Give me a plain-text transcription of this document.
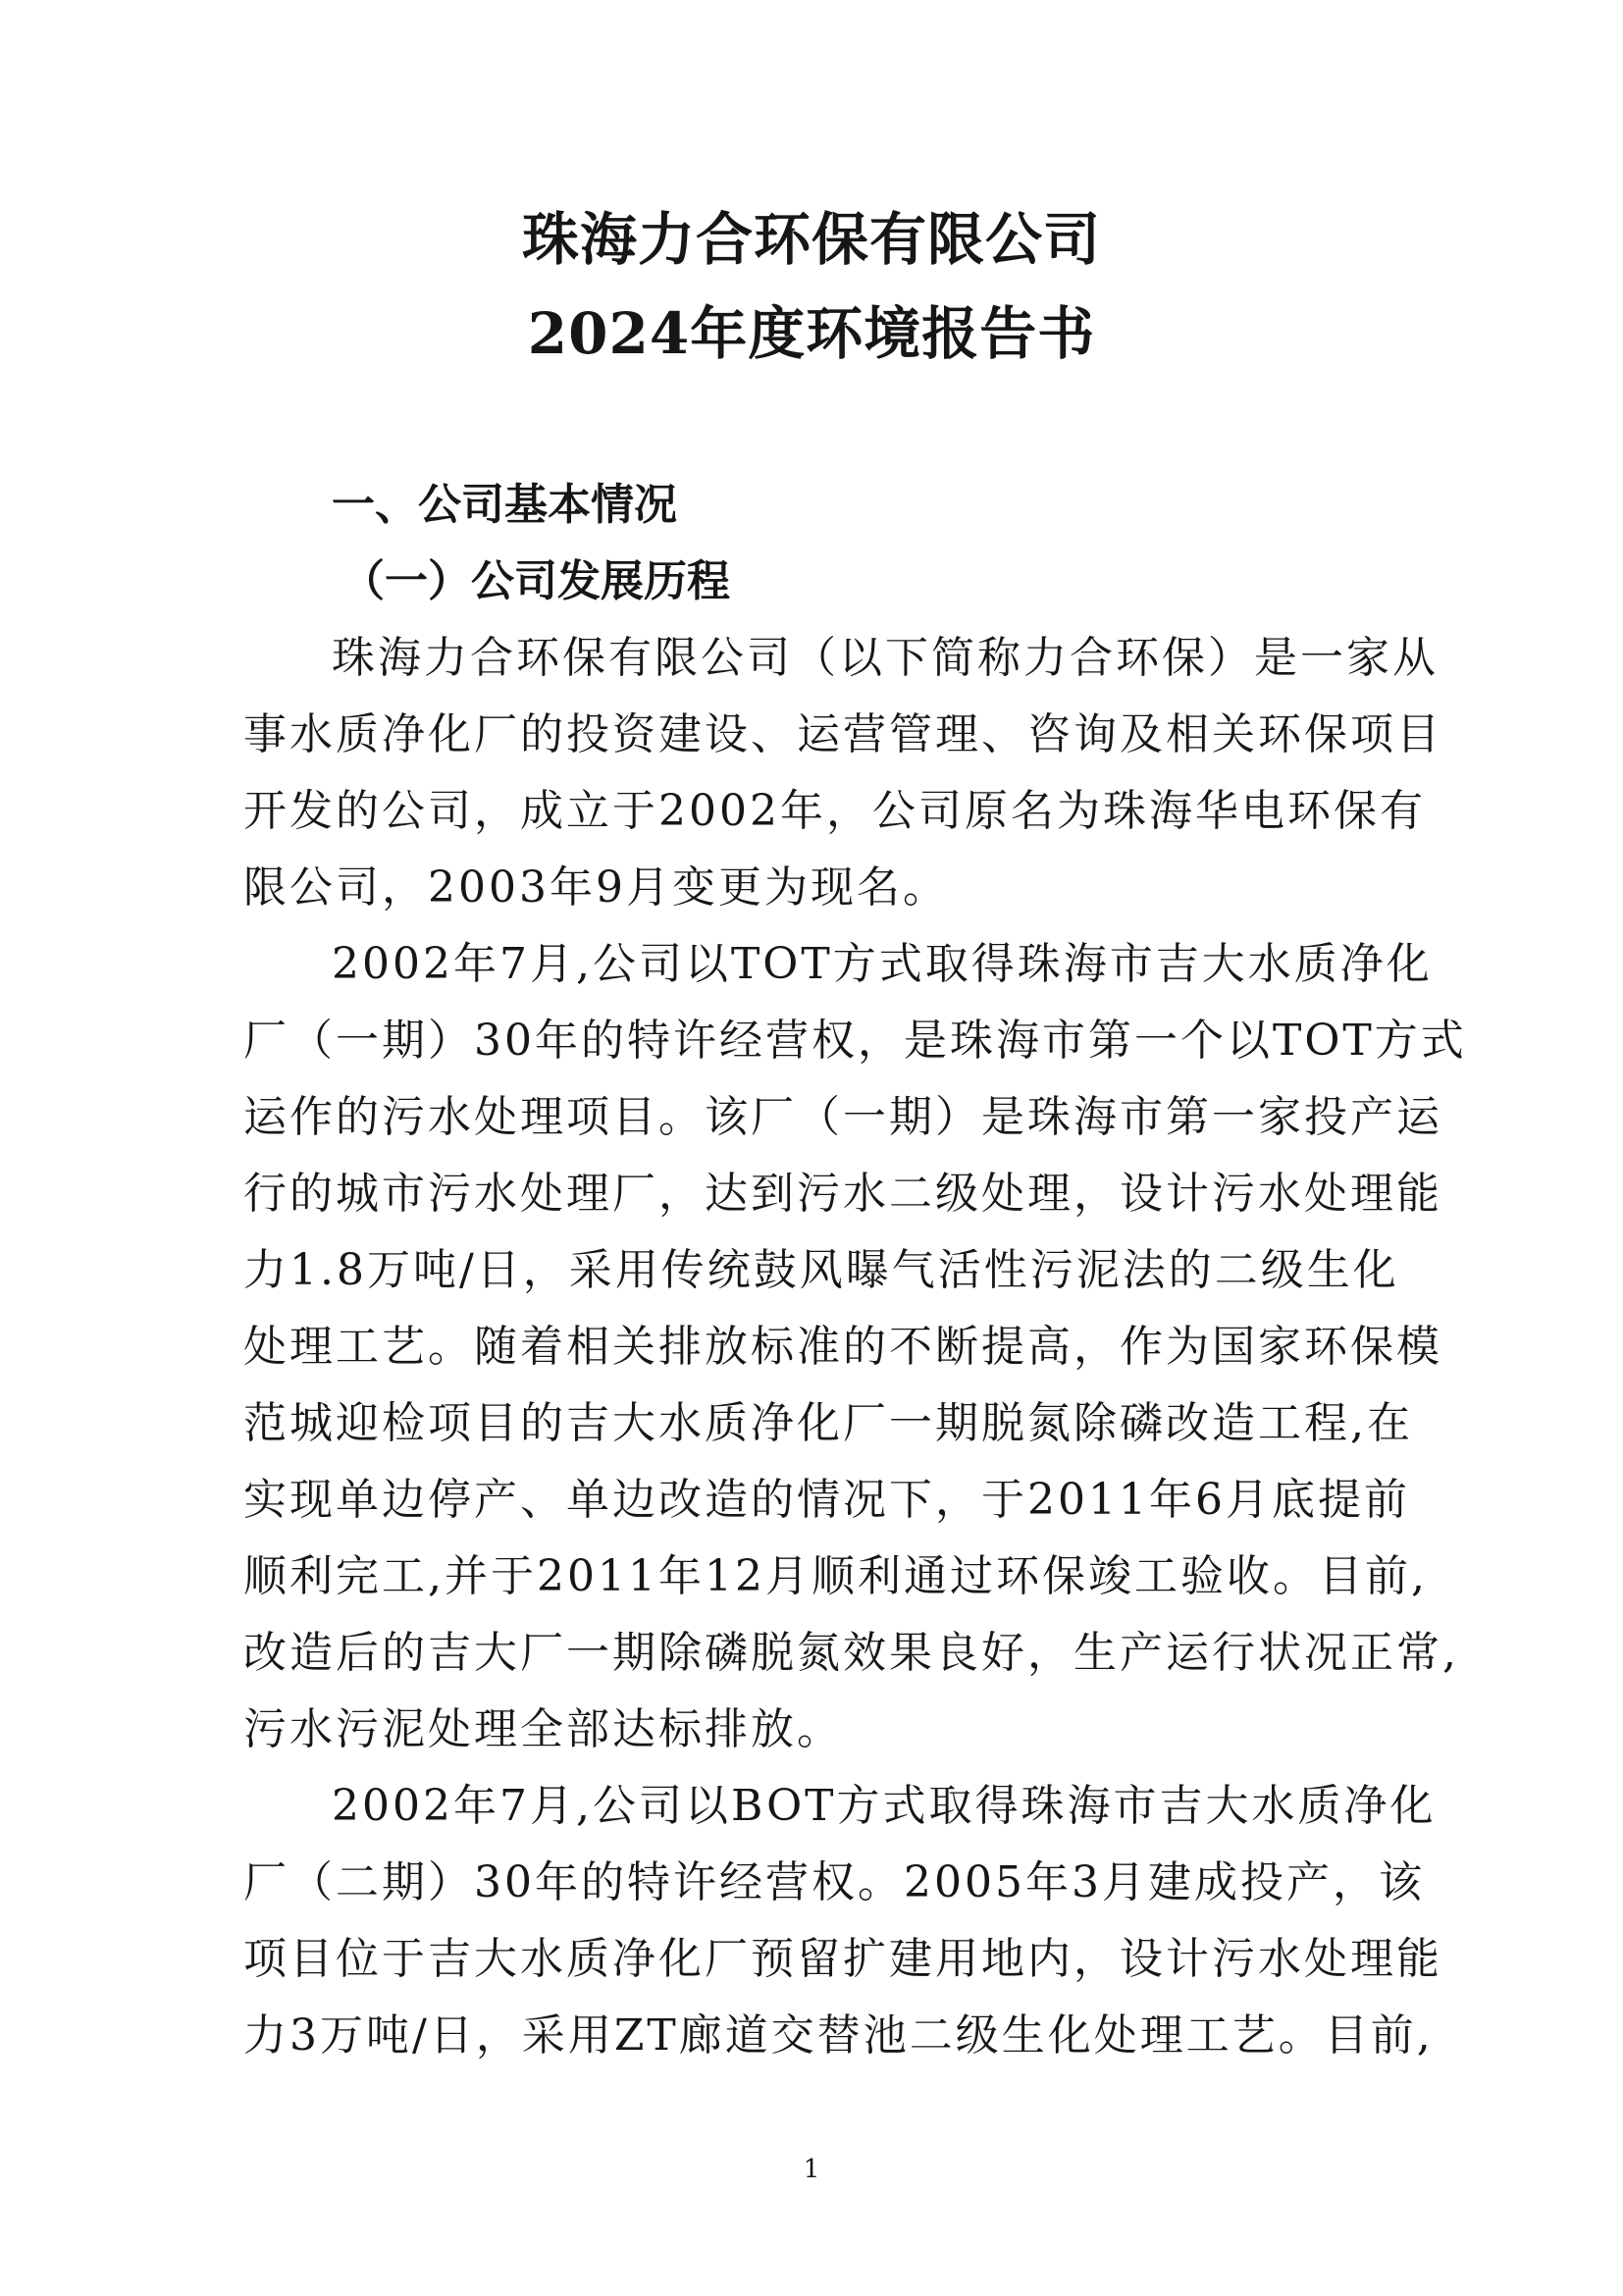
珠海力合环保有限公司
2024年度环境报告书
一、公司基本情况
（一）公司发展历程
珠海力合环保有限公司（以下简称力合环保）是一家从
事水质净化厂的投资建设、运营管理、咨询及相关环保项目
开发的公司，成立于2002年，公司原名为珠海华电环保有
限公司，2003年9月变更为现名。
2002年7月,公司以TOT方式取得珠海市吉大水质净化
厂（一期）30年的特许经营权，是珠海市第一个以TOT方式
运作的污水处理项目。该厂（一期）是珠海市第一家投产运
行的城市污水处理厂，达到污水二级处理，设计污水处理能
力1.8万吨/日，采用传统鼓风曝气活性污泥法的二级生化
处理工艺。随着相关排放标准的不断提高，作为国家环保模
范城迎检项目的吉大水质净化厂一期脱氮除磷改造工程,在
实现单边停产、单边改造的情况下，于2011年6月底提前
顺利完工,并于2011年12月顺利通过环保竣工验收。目前,
改造后的吉大厂一期除磷脱氮效果良好，生产运行状况正常,
污水污泥处理全部达标排放。
2002年7月,公司以BOT方式取得珠海市吉大水质净化
厂（二期）30年的特许经营权。2005年3月建成投产，该
项目位于吉大水质净化厂预留扩建用地内，设计污水处理能
力3万吨/日，采用ZT廊道交替池二级生化处理工艺。目前,
1
